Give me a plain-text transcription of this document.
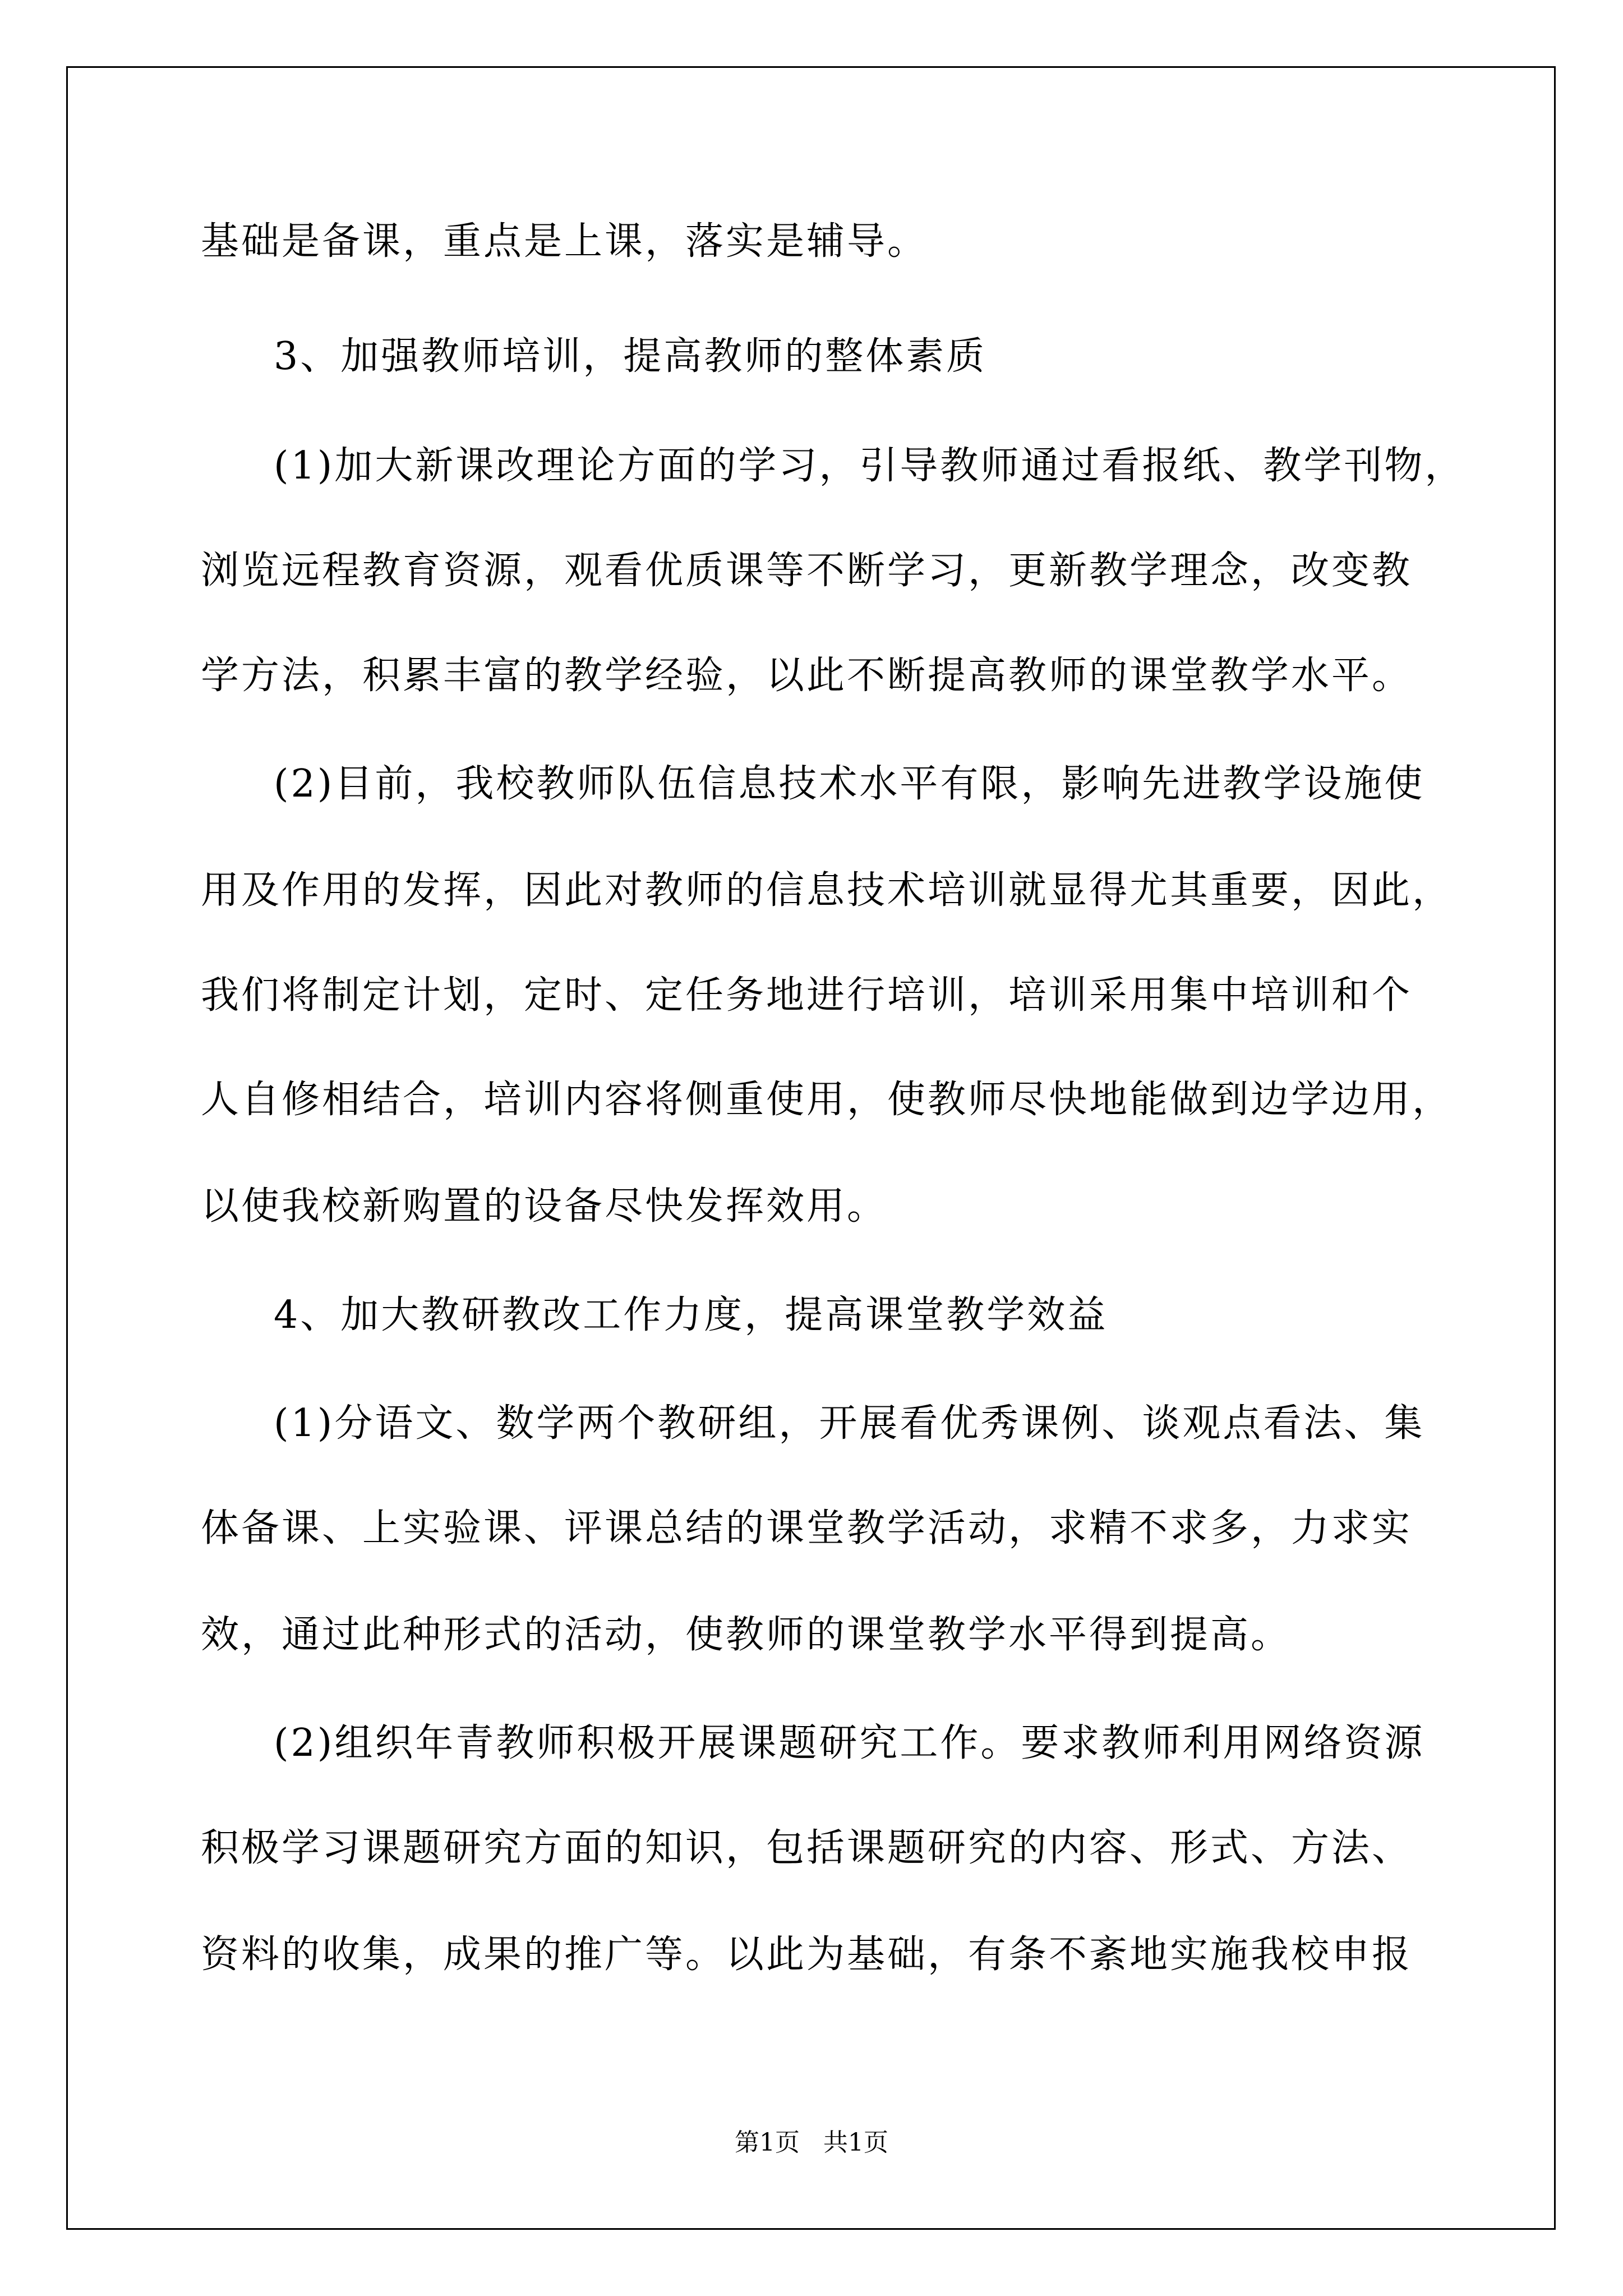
基础是备课，重点是上课，落实是辅导。
3、加强教师培训，提高教师的整体素质
(1)加大新课改理论方面的学习，引导教师通过看报纸、教学刊物，
浏览远程教育资源，观看优质课等不断学习，更新教学理念，改变教
学方法，积累丰富的教学经验，以此不断提高教师的课堂教学水平。
(2)目前，我校教师队伍信息技术水平有限，影响先进教学设施使
用及作用的发挥，因此对教师的信息技术培训就显得尤其重要，因此，
我们将制定计划，定时、定任务地进行培训，培训采用集中培训和个
人自修相结合，培训内容将侧重使用，使教师尽快地能做到边学边用，
以使我校新购置的设备尽快发挥效用。
4、加大教研教改工作力度，提高课堂教学效益
(1)分语文、数学两个教研组，开展看优秀课例、谈观点看法、集
体备课、上实验课、评课总结的课堂教学活动，求精不求多，力求实
效，通过此种形式的活动，使教师的课堂教学水平得到提高。
(2)组织年青教师积极开展课题研究工作。要求教师利用网络资源
积极学习课题研究方面的知识，包括课题研究的内容、形式、方法、
资料的收集，成果的推广等。以此为基础，有条不紊地实施我校申报
第1页   共1页
